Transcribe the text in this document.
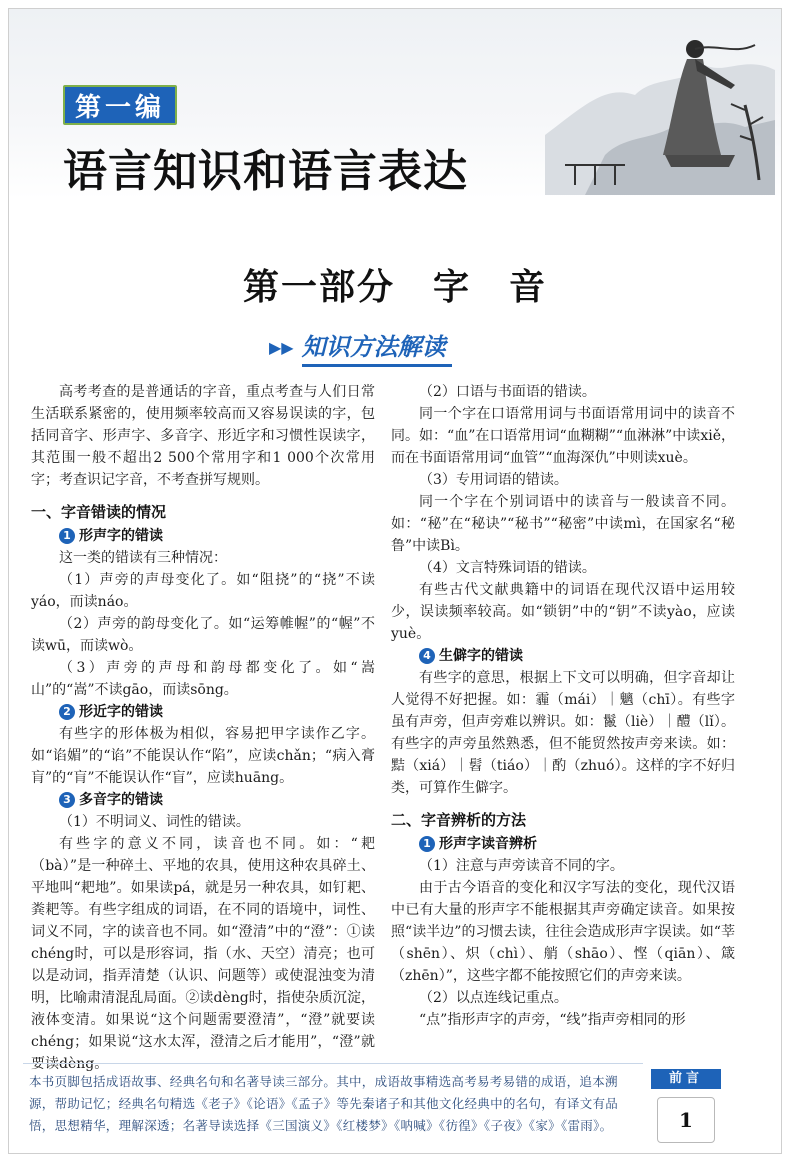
第一编
语言知识和语言表达
第一部分　字　音
▶▶ 知识方法解读

高考考查的是普通话的字音，重点考查与人们日常生活联系紧密的，使用频率较高而又容易误读的字，包括同音字、形声字、多音字、形近字和习惯性误读字，其范围一般不超出2 500个常用字和1 000个次常用字；考查识记字音，不考查拼写规则。

一、字音错读的情况

1 形声字的错读

这一类的错读有三种情况：

（1）声旁的声母变化了。如“阻挠”的“挠”不读yáo，而读náo。

（2）声旁的韵母变化了。如“运筹帷幄”的“幄”不读wū，而读wò。

（3）声旁的声母和韵母都变化了。如“嵩山”的“嵩”不读gāo，而读sōng。

2 形近字的错读

有些字的形体极为相似，容易把甲字读作乙字。如“谄媚”的“谄”不能误认作“陷”，应读chǎn；“病入膏肓”的“肓”不能误认作“盲”，应读huāng。

3 多音字的错读

（1）不明词义、词性的错读。

有些字的意义不同，读音也不同。如：“耙（bà）”是一种碎土、平地的农具，使用这种农具碎土、平地叫“耙地”。如果读pá，就是另一种农具，如钉耙、粪耙等。有些字组成的词语，在不同的语境中，词性、词义不同，字的读音也不同。如“澄清”中的“澄”：①读chéng时，可以是形容词，指（水、天空）清亮；也可以是动词，指弄清楚（认识、问题等）或使混浊变为清明，比喻肃清混乱局面。②读dèng时，指使杂质沉淀，液体变清。如果说“这个问题需要澄清”，“澄”就要读chéng；如果说“这水太浑，澄清之后才能用”，“澄”就要读dèng。

（2）口语与书面语的错读。

同一个字在口语常用词与书面语常用词中的读音不同。如：“血”在口语常用词“血糊糊”“血淋淋”中读xiě，而在书面语常用词“血管”“血海深仇”中则读xuè。

（3）专用词语的错读。

同一个字在个别词语中的读音与一般读音不同。如：“秘”在“秘诀”“秘书”“秘密”中读mì，在国家名“秘鲁”中读Bì。

（4）文言特殊词语的错读。

有些古代文献典籍中的词语在现代汉语中运用较少，误读频率较高。如“锁钥”中的“钥”不读yào，应读yuè。

4 生僻字的错读

有些字的意思，根据上下文可以明确，但字音却让人觉得不好把握。如：霾（mái）｜魑（chī）。有些字虽有声旁，但声旁难以辨识。如：鬣（liè）｜醴（lǐ）。有些字的声旁虽然熟悉，但不能贸然按声旁来读。如：黠（xiá）｜髫（tiáo）｜酌（zhuó）。这样的字不好归类，可算作生僻字。

二、字音辨析的方法

1 形声字读音辨析

（1）注意与声旁读音不同的字。

由于古今语音的变化和汉字写法的变化，现代汉语中已有大量的形声字不能根据其声旁确定读音。如果按照“读半边”的习惯去读，往往会造成形声字误读。如“莘（shēn）、炽（chì）、艄（shāo）、悭（qiān）、箴（zhēn）”，这些字都不能按照它们的声旁来读。

（2）以点连线记重点。

“点”指形声字的声旁，“线”指声旁相同的形

本书页脚包括成语故事、经典名句和名著导读三部分。其中，成语故事精选高考易考易错的成语，追本溯源，帮助记忆；经典名句精选《老子》《论语》《孟子》等先秦诸子和其他文化经典中的名句，有译文有品悟，思想精华，理解深透；名著导读选择《三国演义》《红楼梦》《呐喊》《彷徨》《子夜》《家》《雷雨》。
前言
1
